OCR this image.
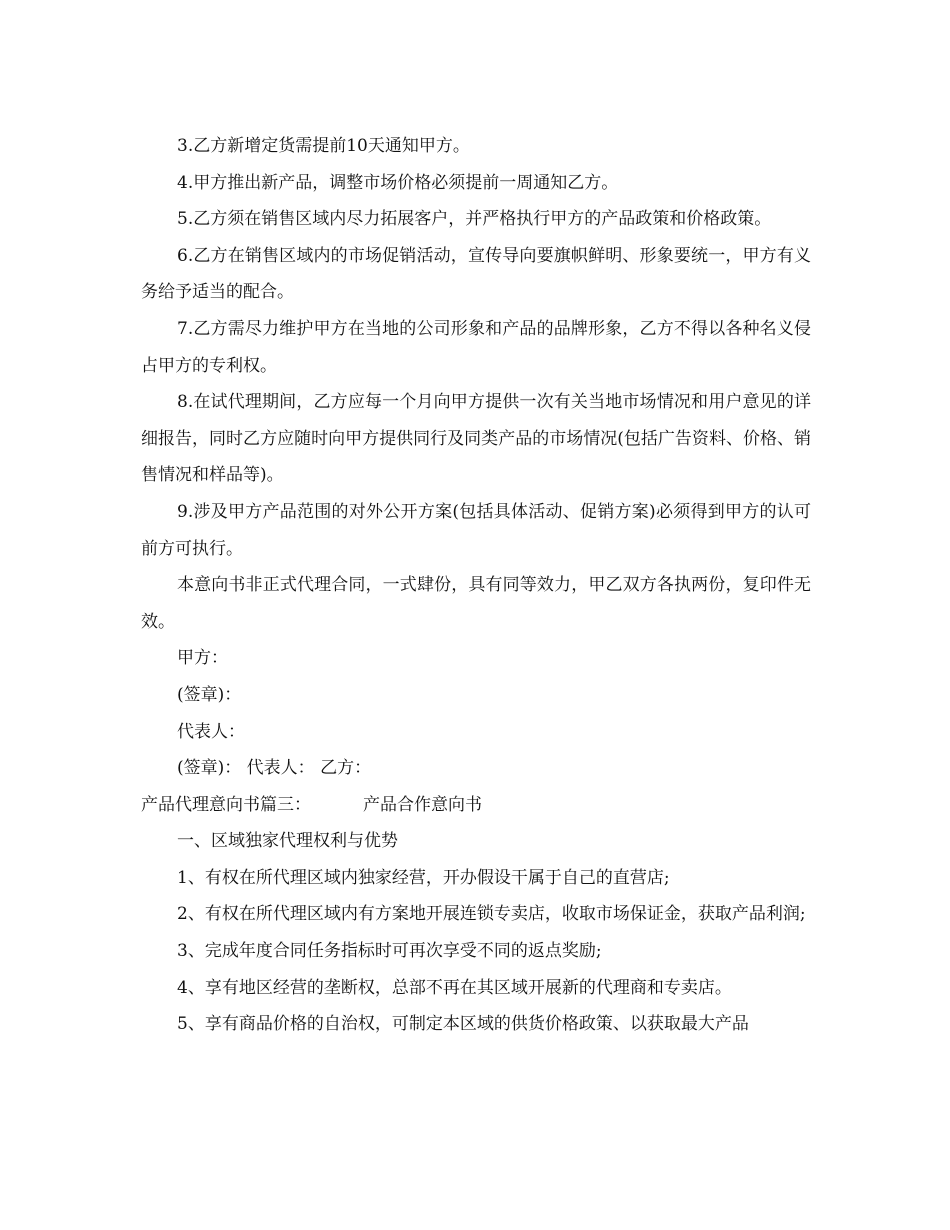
3.乙方新增定货需提前10天通知甲方。

4.甲方推出新产品，调整市场价格必须提前一周通知乙方。

5.乙方须在销售区域内尽力拓展客户，并严格执行甲方的产品政策和价格政策。

6.乙方在销售区域内的市场促销活动，宣传导向要旗帜鲜明、形象要统一，甲方有义务给予适当的配合。

7.乙方需尽力维护甲方在当地的公司形象和产品的品牌形象，乙方不得以各种名义侵占甲方的专利权。

8.在试代理期间，乙方应每一个月向甲方提供一次有关当地市场情况和用户意见的详细报告，同时乙方应随时向甲方提供同行及同类产品的市场情况(包括广告资料、价格、销售情况和样品等)。

9.涉及甲方产品范围的对外公开方案(包括具体活动、促销方案)必须得到甲方的认可前方可执行。

本意向书非正式代理合同，一式肆份，具有同等效力，甲乙双方各执两份，复印件无效。

甲方：

(签章)：

代表人：

(签章)： 代表人： 乙方：

产品代理意向书篇三：	产品合作意向书

一、区域独家代理权利与优势

1、有权在所代理区域内独家经营，开办假设干属于自己的直营店;

2、有权在所代理区域内有方案地开展连锁专卖店，收取市场保证金，获取产品利润;

3、完成年度合同任务指标时可再次享受不同的返点奖励;

4、享有地区经营的垄断权，总部不再在其区域开展新的代理商和专卖店。

5、享有商品价格的自治权，可制定本区域的供货价格政策、以获取最大产品
